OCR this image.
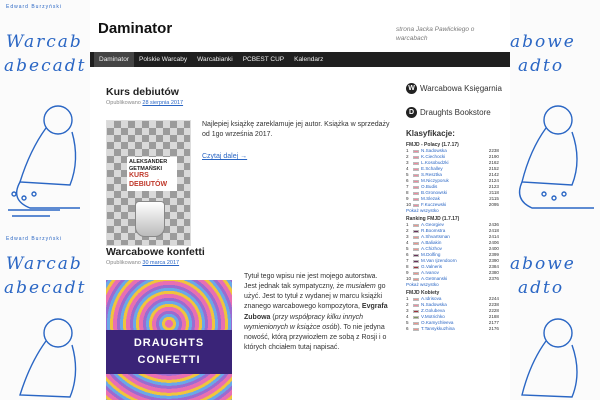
Edward Burzyński
Warcab
abecadt
Edward Burzyński
Warcab
abecadt
abowe
adto
abowe
adto
Daminator	strona Jacka Pawlickiego o warcabach
Daminator	Polskie Warcaby	Warcabianki	PCBEST CUP	Kalendarz
Kurs debiutów
Opublikowano 28 sierpnia 2017
ALEKSANDER GETMAŃSKI
KURS
DEBIUTÓW

Najlepiej książkę zareklamuje jej autor. Książka w sprzedaży od 1go września 2017.

Czytaj dalej →

Warcabowe konfetti
Opublikowano 30 marca 2017
DRAUGHTS
CONFETTI
Tytuł tego wpisu nie jest mojego autorstwa. Jest jednak tak sympatyczny, że musiałem go użyć. Jest to tytuł z wydanej w marcu książki znanego warcabowego kompozytora, Evgrafa Zubowa (przy współpracy kilku innych wymienionych w książce osób). To nie jedyna nowość, którą przywiozłem ze sobą z Rosji i o których chciałem tutaj napisać.
W Warcabowa Księgarnia
D Draughts Bookstore
Klasyfikacje:
FMJD - Polacy (1.7.17)
1	N.Sadowska	2238
2	K.Ciechocki	2190
3	L.Kosobudzki	2162
4	E.Schalley	2152
5	S.Resztka	2142
6	M.Niczyporuk	2124
7	O.Budis	2123
8	B.Gronowski	2118
9	M.Slezak	2115
10	F.Kuczewski	2095
Pokaż wszystko
Ranking FMJD (1.7.17)
1	A.Georgiev	2436
2	R.Boomstra	2418
3	A.Shvartsman	2414
4	A.Baliakin	2406
5	A.Chizhov	2400
6	M.Dolfing	2399
7	M.Van Ijzendoorn	2390
8	G.Valneris	2384
9	A.Ivanov	2380
10	A.Getmanski	2376
Pokaż wszystko
FMJD Kobiety
1	A.Idrisova	2244
2	N.Sadowska	2238
3	Z.Golubeva	2228
4	V.Motrichko	2188
5	O.Kamychleeva	2177
6	T.Tansykkuzhina	2176
